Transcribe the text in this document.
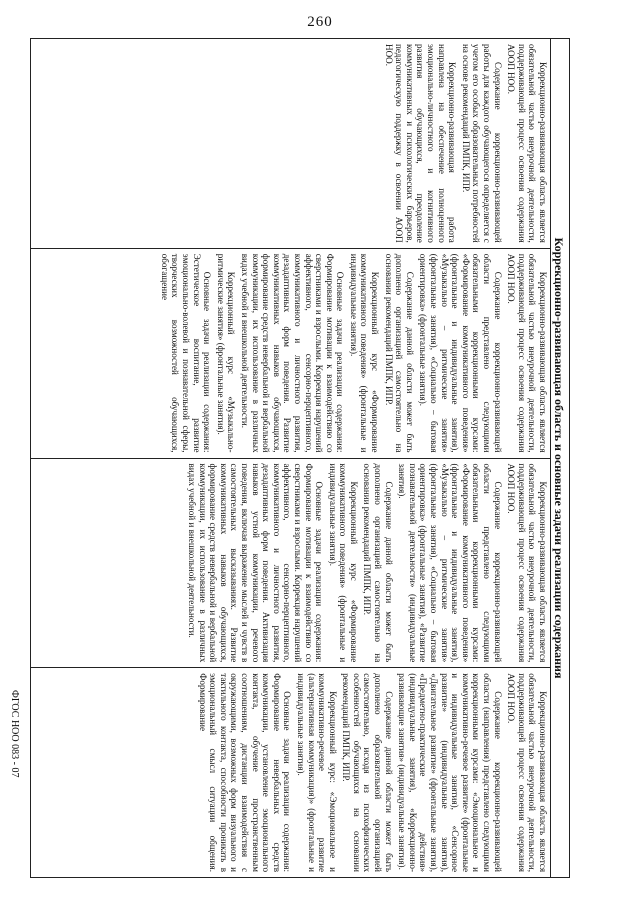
260
Коррекционно-развивающая область и основные задачи реализации содержания

Коррекционно-развивающая область является обязательной частью внеурочной деятельности, поддерживающей процесс освоения содержания АООП НОО.

Содержание коррекционно-развивающей работы для каждого обучающегося определяется с учетом его особых образовательных потребностей на основе рекомендаций ПМПК, ИПР.

Коррекционно-развивающая работа направлена на обеспечение полноценного эмоционально-личностного и когнитивного развития обучающихся, преодоление коммуникативных и психологических барьеров, педагогическую поддержку в освоении АООП НОО.

Коррекционно-развивающая область является обязательной частью внеурочной деятельности, поддерживающей процесс освоения содержания АООП НОО.

Содержание коррекционно-развивающей области представлено следующими обязательными коррекционными курсами: «Формирование коммуникативного поведения» (фронтальные и индивидуальные занятия), «Музыкально – ритмические занятия» (фронтальные занятия), «Социально – бытовая ориентировка» (фронтальные занятия).

Содержание данной области может быть дополнено организацией самостоятельно на основании рекомендаций ПМПК, ИПР.

Коррекционный курс «Формирование коммуникативного поведения» (фронтальные и индивидуальные занятия).

Основные задачи реализации содержания: Формирование мотивации к взаимодействию со сверстниками и взрослыми. Коррекция нарушений аффективного, сенсорно-перцептивного, коммуникативного и личностного развития, дезадаптивных форм поведения. Развитие коммуникативных навыков обучающихся, формирование средств невербальной и вербальной коммуникации, их использование в различных видах учебной и внешкольной деятельности.

Коррекционный курс «Музыкально-ритмические занятия» (фронтальные занятия).

Основные задачи реализации содержания: Эстетическое воспитание, развитие эмоционально-волевой и познавательной сферы, творческих возможностей обучающихся, обогащение

Коррекционно-развивающая область является обязательной частью внеурочной деятельности, поддерживающей процесс освоения содержания АООП НОО.

Содержание коррекционно-развивающей области представлено следующими обязательными коррекционными курсами: «Формирование коммуникативного поведения» (фронтальные и индивидуальные занятия), «Музыкально – ритмические занятия» (фронтальные занятия), «Социально – бытовая ориентировка» (фронтальные занятия), «Развитие познавательной деятельности» (индивидуальные занятия).

Содержание данной области может быть дополнено организацией самостоятельно на основании рекомендаций ПМПК, ИПР.

Коррекционный курс «Формирование коммуникативного поведения» (фронтальные и индивидуальные занятия).

Основные задачи реализации содержания: Формирование мотивации к взаимодействию со сверстниками и взрослыми. Коррекция нарушений аффективного, сенсорно-перцептивного, коммуникативного и личностного развития, дезадаптивных форм поведения. Активизация навыков устной коммуникации, речевого поведения, включая выражение мыслей и чувств в самостоятельных высказываниях. Развитие коммуникативных навыков обучающихся, формирование средств невербальной и вербальной коммуникации, их использование в различных видах учебной и внешкольной деятельности.

Коррекционно-развивающая область является обязательной частью внеурочной деятельности, поддерживающей процесс освоения содержания АООП НОО.

Содержание коррекционно-развивающей области (направления) представлено следующими коррекционными курсами: «Эмоциональное и коммуникативно-речевое развитие» (фронтальные и индивидуальные занятия), «Сенсорное развитие» (индивидуальные занятия), «Двигательное развитие» (фронтальные занятия), «Предметно-практические действия» (индивидуальные занятия), «Коррекционно-развивающие занятия» (индивидуальные занятия).

Содержание данной области может быть дополнено образовательной организацией самостоятельно, исходя из психофизических особенностей обучающихся на основании рекомендаций ПМПК, ИПР.

Коррекционный курс: «Эмоциональное и коммуникативно-речевое развитие (альтернативная коммуникация)» (фронтальные и индивидуальные занятия).

Основные задачи реализации содержания: Формирование невербальных средств коммуникации, установление эмоционального контакта, обучение пространственным соотношениям, дистанции взаимодействия с окружающими, возможных форм визуального и тактильного контакта, способности проникать в эмоциональный смысл ситуации общения. Формирование

ФГОС НОО 083 - 07
